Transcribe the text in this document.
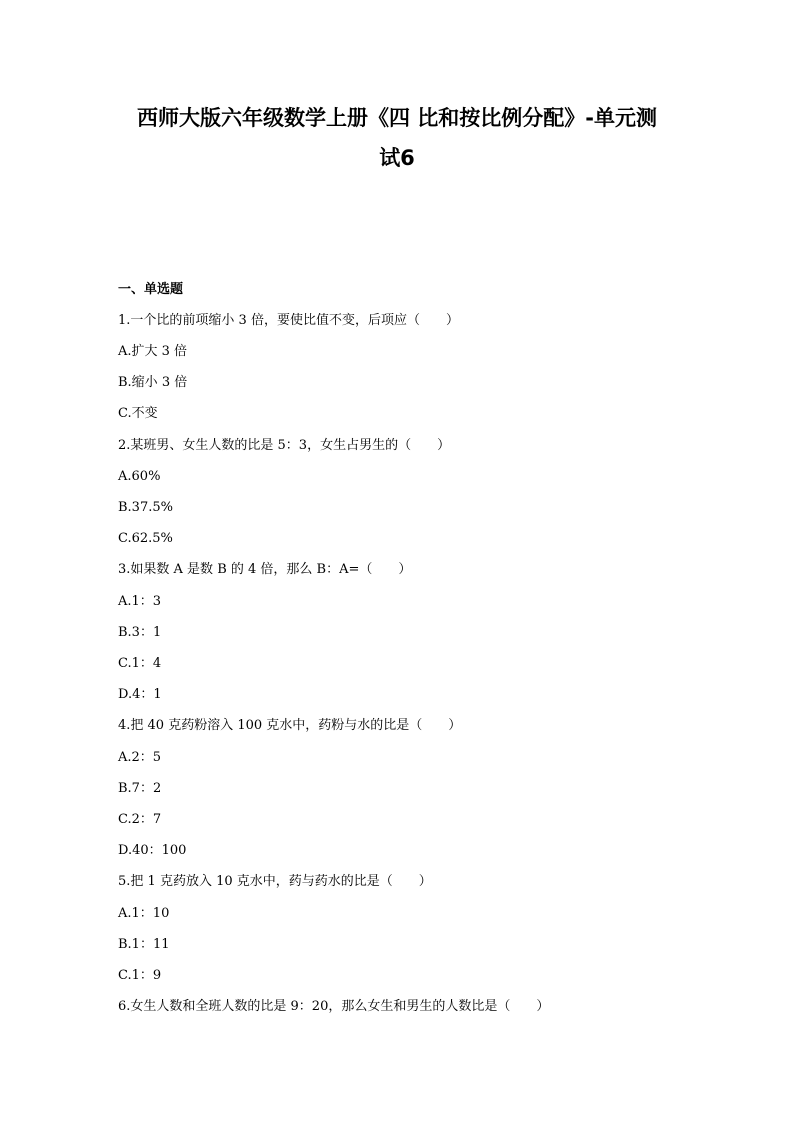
西师大版六年级数学上册《四 比和按比例分配》-单元测
试6
一、单选题
1.一个比的前项缩小 3 倍，要使比值不变，后项应（　　）
A.扩大 3 倍
B.缩小 3 倍
C.不变
2.某班男、女生人数的比是 5：3，女生占男生的（　　）
A.60%
B.37.5%
C.62.5%
3.如果数 A 是数 B 的 4 倍，那么 B：A=（　　）
A.1：3
B.3：1
C.1：4
D.4：1
4.把 40 克药粉溶入 100 克水中，药粉与水的比是（　　）
A.2：5
B.7：2
C.2：7
D.40：100
5.把 1 克药放入 10 克水中，药与药水的比是（　　）
A.1：10
B.1：11
C.1：9
6.女生人数和全班人数的比是 9：20，那么女生和男生的人数比是（　　）
